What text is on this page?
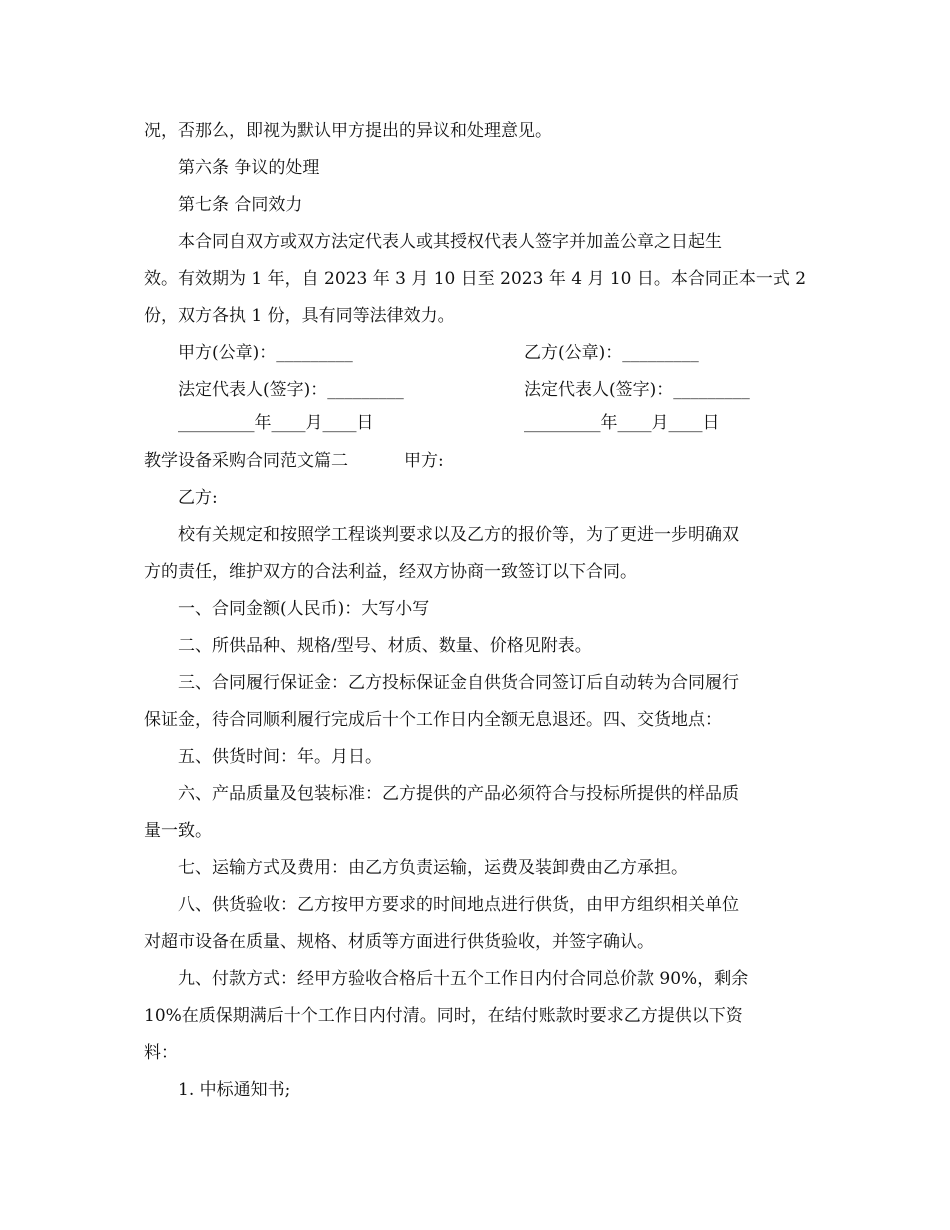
况，否那么，即视为默认甲方提出的异议和处理意见。
第六条 争议的处理
第七条 合同效力
本合同自双方或双方法定代表人或其授权代表人签字并加盖公章之日起生
效。有效期为 1 年，自 2023 年 3 月 10 日至 2023 年 4 月 10 日。本合同正本一式 2
份，双方各执 1 份，具有同等法律效力。
甲方(公章)：_________	乙方(公章)：_________
法定代表人(签字)：_________	法定代表人(签字)：_________
_________年____月____日	_________年____月____日
教学设备采购合同范文篇二	甲方:
乙方:
校有关规定和按照学工程谈判要求以及乙方的报价等，为了更进一步明确双
方的责任，维护双方的合法利益，经双方协商一致签订以下合同。
一、合同金额(人民币)：大写小写
二、所供品种、规格/型号、材质、数量、价格见附表。
三、合同履行保证金：乙方投标保证金自供货合同签订后自动转为合同履行
保证金，待合同顺利履行完成后十个工作日内全额无息退还。四、交货地点：
五、供货时间：年。月日。
六、产品质量及包装标准：乙方提供的产品必须符合与投标所提供的样品质
量一致。
七、运输方式及费用：由乙方负责运输，运费及装卸费由乙方承担。
八、供货验收：乙方按甲方要求的时间地点进行供货，由甲方组织相关单位
对超市设备在质量、规格、材质等方面进行供货验收，并签字确认。
九、付款方式：经甲方验收合格后十五个工作日内付合同总价款 90%，剩余
10%在质保期满后十个工作日内付清。同时，在结付账款时要求乙方提供以下资
料：
1. 中标通知书;
